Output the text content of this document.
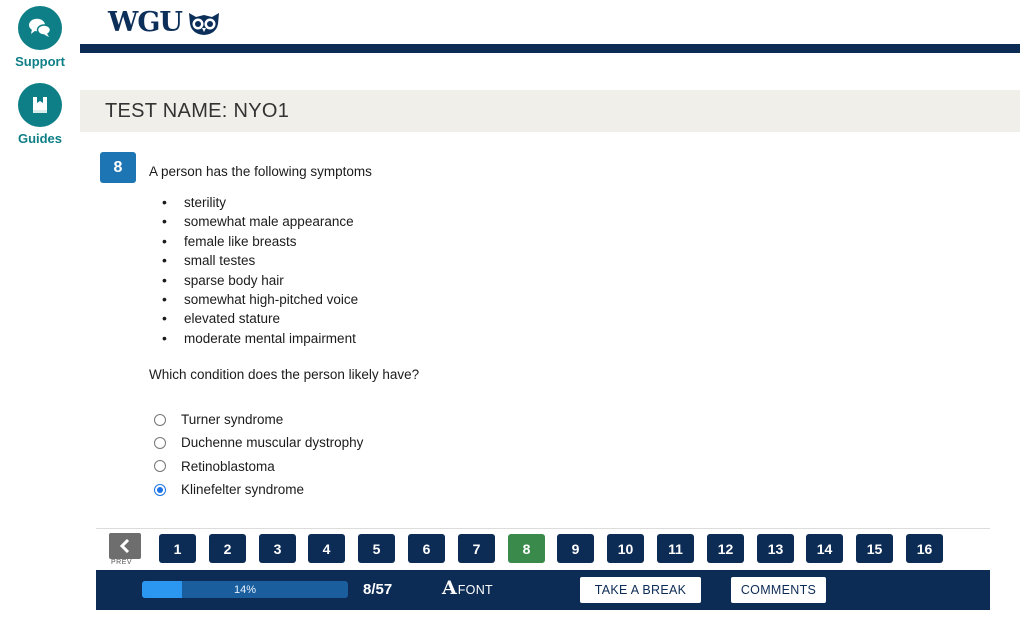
Support
Guides
WGU
TEST NAME: NYO1
8	A person has the following symptoms
• sterility
• somewhat male appearance
• female like breasts
• small testes
• sparse body hair
• somewhat high-pitched voice
• elevated stature
• moderate mental impairment
Which condition does the person likely have?
Turner syndrome
Duchenne muscular dystrophy
Retinoblastoma
Klinefelter syndrome
PREV
1	2	3	4	5	6	7	8	9	10	11	12	13	14	15
14%	8/57	A FONT	TAKE A BREAK	COMMENTS
16
